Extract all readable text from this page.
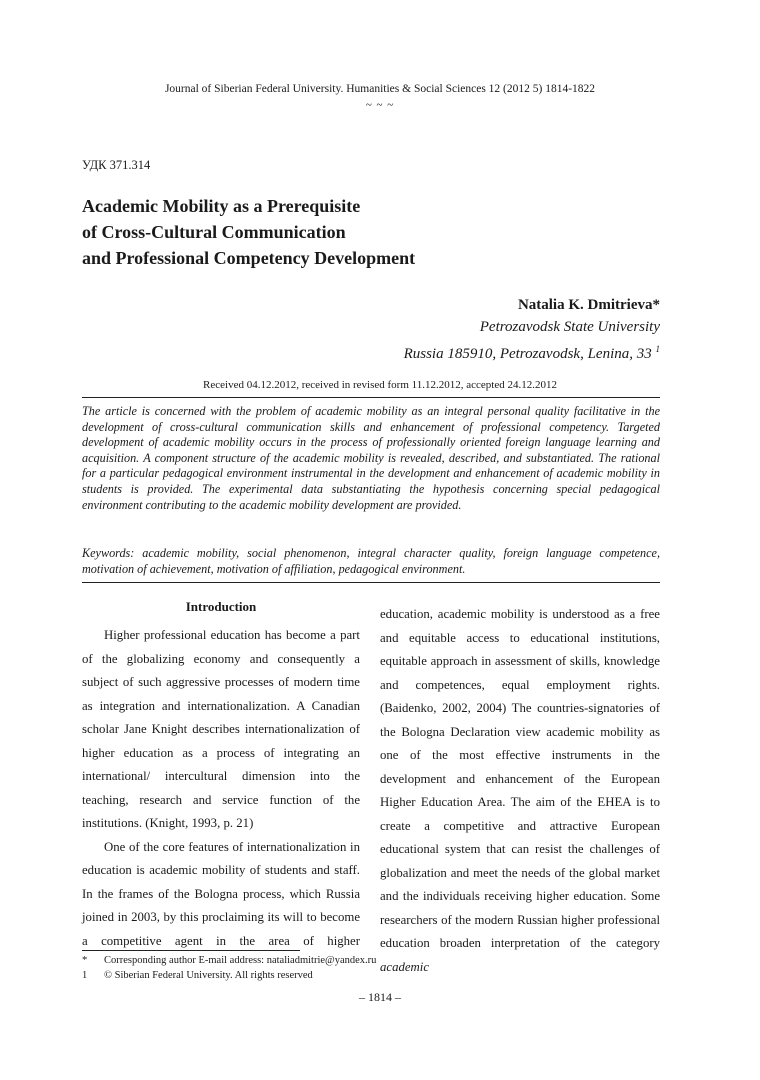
Journal of Siberian Federal University. Humanities & Social Sciences 12 (2012 5) 1814-1822
~ ~ ~
УДК 371.314
Academic Mobility as a Prerequisite
of Cross-Cultural Communication
and Professional Competency Development
Natalia K. Dmitrieva*
Petrozavodsk State University
Russia 185910, Petrozavodsk, Lenina, 33 $^1$
Received 04.12.2012, received in revised form 11.12.2012, accepted 24.12.2012
The article is concerned with the problem of academic mobility as an integral personal quality facilitative in the development of cross-cultural communication skills and enhancement of professional competency. Targeted development of academic mobility occurs in the process of professionally oriented foreign language learning and acquisition. A component structure of the academic mobility is revealed, described, and substantiated. The rational for a particular pedagogical environment instrumental in the development and enhancement of academic mobility in students is provided. The experimental data substantiating the hypothesis concerning special pedagogical environment contributing to the academic mobility development are provided.
Keywords: academic mobility, social phenomenon, integral character quality, foreign language competence, motivation of achievement, motivation of affiliation, pedagogical environment.

Introduction

Higher professional education has become a part of the globalizing economy and consequently a subject of such aggressive processes of modern time as integration and internationalization. A Canadian scholar Jane Knight describes internationalization of higher education as a process of integrating an international/ intercultural dimension into the teaching, research and service function of the institutions. (Knight, 1993, p. 21)

One of the core features of internationalization in education is academic mobility of students and staff. In the frames of the Bologna process, which Russia joined in 2003, by this proclaiming its will to become a competitive agent in the area of higher

education, academic mobility is understood as a free and equitable access to educational institutions, equitable approach in assessment of skills, knowledge and competences, equal employment rights. (Baidenko, 2002, 2004) The countries-signatories of the Bologna Declaration view academic mobility as one of the most effective instruments in the development and enhancement of the European Higher Education Area. The aim of the EHEA is to create a competitive and attractive European educational system that can resist the challenges of globalization and meet the needs of the global market and the individuals receiving higher education. Some researchers of the modern Russian higher professional education broaden interpretation of the category academic

* Corresponding author E-mail address: nataliadmitrie@yandex.ru
1 © Siberian Federal University. All rights reserved
– 1814 –
